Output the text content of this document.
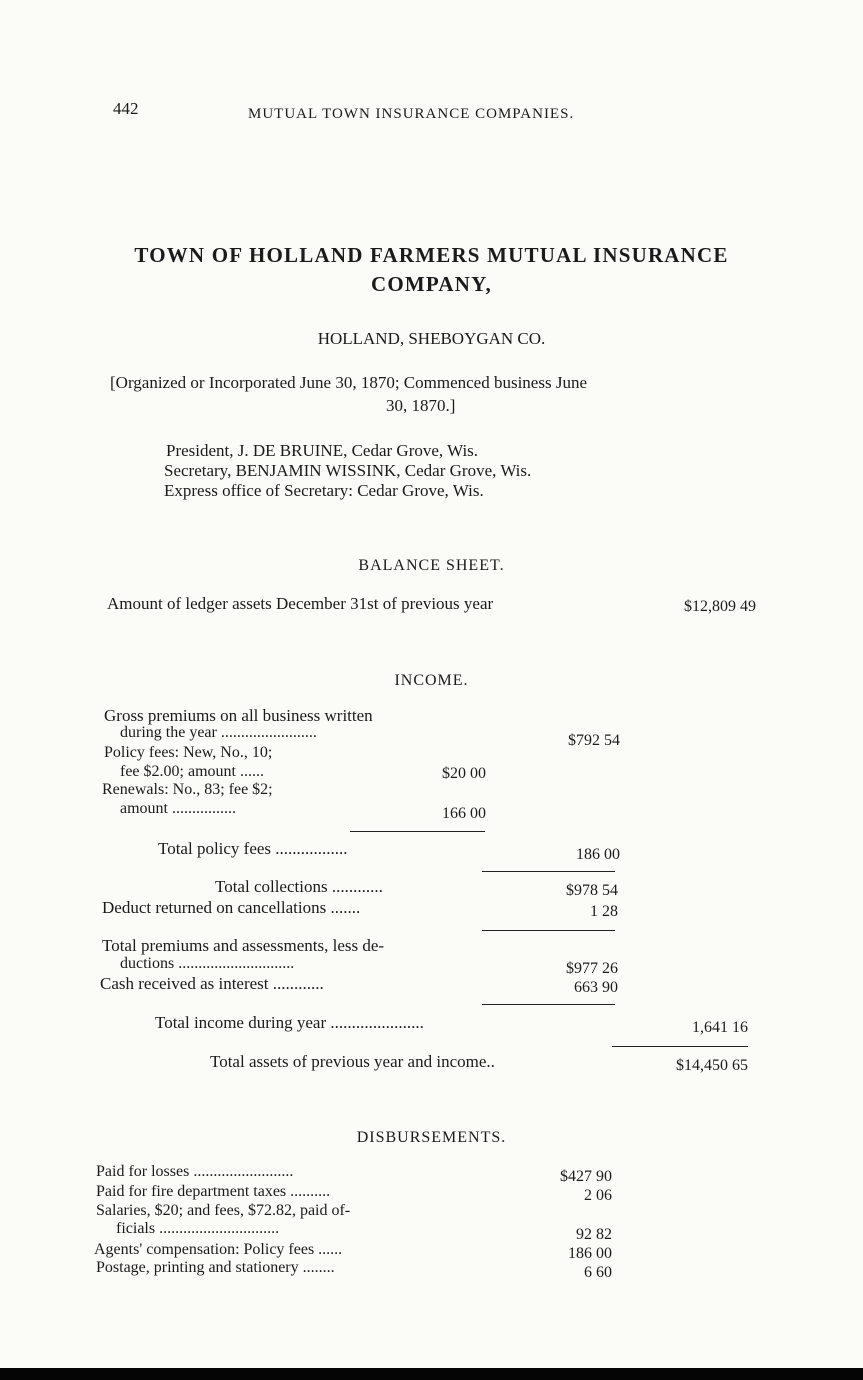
442	MUTUAL TOWN INSURANCE COMPANIES.
TOWN OF HOLLAND FARMERS MUTUAL INSURANCE
COMPANY,
HOLLAND, SHEBOYGAN CO.
[Organized or Incorporated June 30, 1870; Commenced business June
30, 1870.]
President, J. DE BRUINE, Cedar Grove, Wis.
Secretary, BENJAMIN WISSINK, Cedar Grove, Wis.
Express office of Secretary: Cedar Grove, Wis.
BALANCE SHEET.
Amount of ledger assets December 31st of previous year	$12,809 49
INCOME.
Gross premiums on all business written
during the year ........................	$792 54
Policy fees: New, No., 10;
fee $2.00; amount ......	$20 00
Renewals: No., 83; fee $2;
amount ................	166 00
Total policy fees .................	186 00
Total collections ............	$978 54
Deduct returned on cancellations .......	1 28
Total premiums and assessments, less de-
ductions .............................	$977 26
Cash received as interest ............	663 90
Total income during year ......................	1,641 16
Total assets of previous year and income..	$14,450 65
DISBURSEMENTS.
Paid for losses .........................	$427 90
Paid for fire department taxes ..........	2 06
Salaries, $20; and fees, $72.82, paid of-
ficials ..............................	92 82
Agents' compensation: Policy fees ......	186 00
Postage, printing and stationery ........	6 60
